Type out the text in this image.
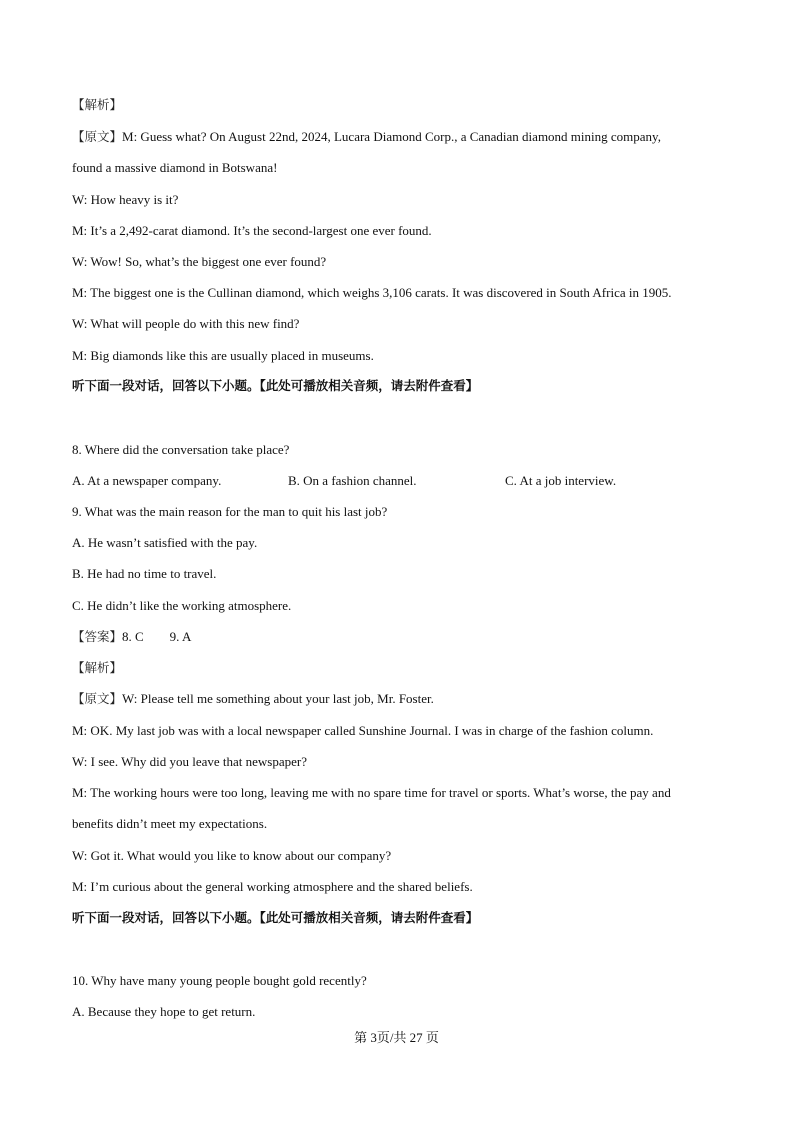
【解析】
【原文】M: Guess what? On August 22nd, 2024, Lucara Diamond Corp., a Canadian diamond mining company,
found a massive diamond in Botswana!
W: How heavy is it?
M: It’s a 2,492-carat diamond. It’s the second-largest one ever found.
W: Wow! So, what’s the biggest one ever found?
M: The biggest one is the Cullinan diamond, which weighs 3,106 carats. It was discovered in South Africa in 1905.
W: What will people do with this new find?
M: Big diamonds like this are usually placed in museums.
听下面一段对话，回答以下小题。【此处可播放相关音频，请去附件查看】
8. Where did the conversation take place?
A. At a newspaper company.	B. On a fashion channel.	C. At a job interview.
9. What was the main reason for the man to quit his last job?
A. He wasn’t satisfied with the pay.
B. He had no time to travel.
C. He didn’t like the working atmosphere.
【答案】8. C        9. A
【解析】
【原文】W: Please tell me something about your last job, Mr. Foster.
M: OK. My last job was with a local newspaper called Sunshine Journal. I was in charge of the fashion column.
W: I see. Why did you leave that newspaper?
M: The working hours were too long, leaving me with no spare time for travel or sports. What’s worse, the pay and
benefits didn’t meet my expectations.
W: Got it. What would you like to know about our company?
M: I’m curious about the general working atmosphere and the shared beliefs.
听下面一段对话，回答以下小题。【此处可播放相关音频，请去附件查看】
10. Why have many young people bought gold recently?
A. Because they hope to get return.
第 3页/共 27 页
